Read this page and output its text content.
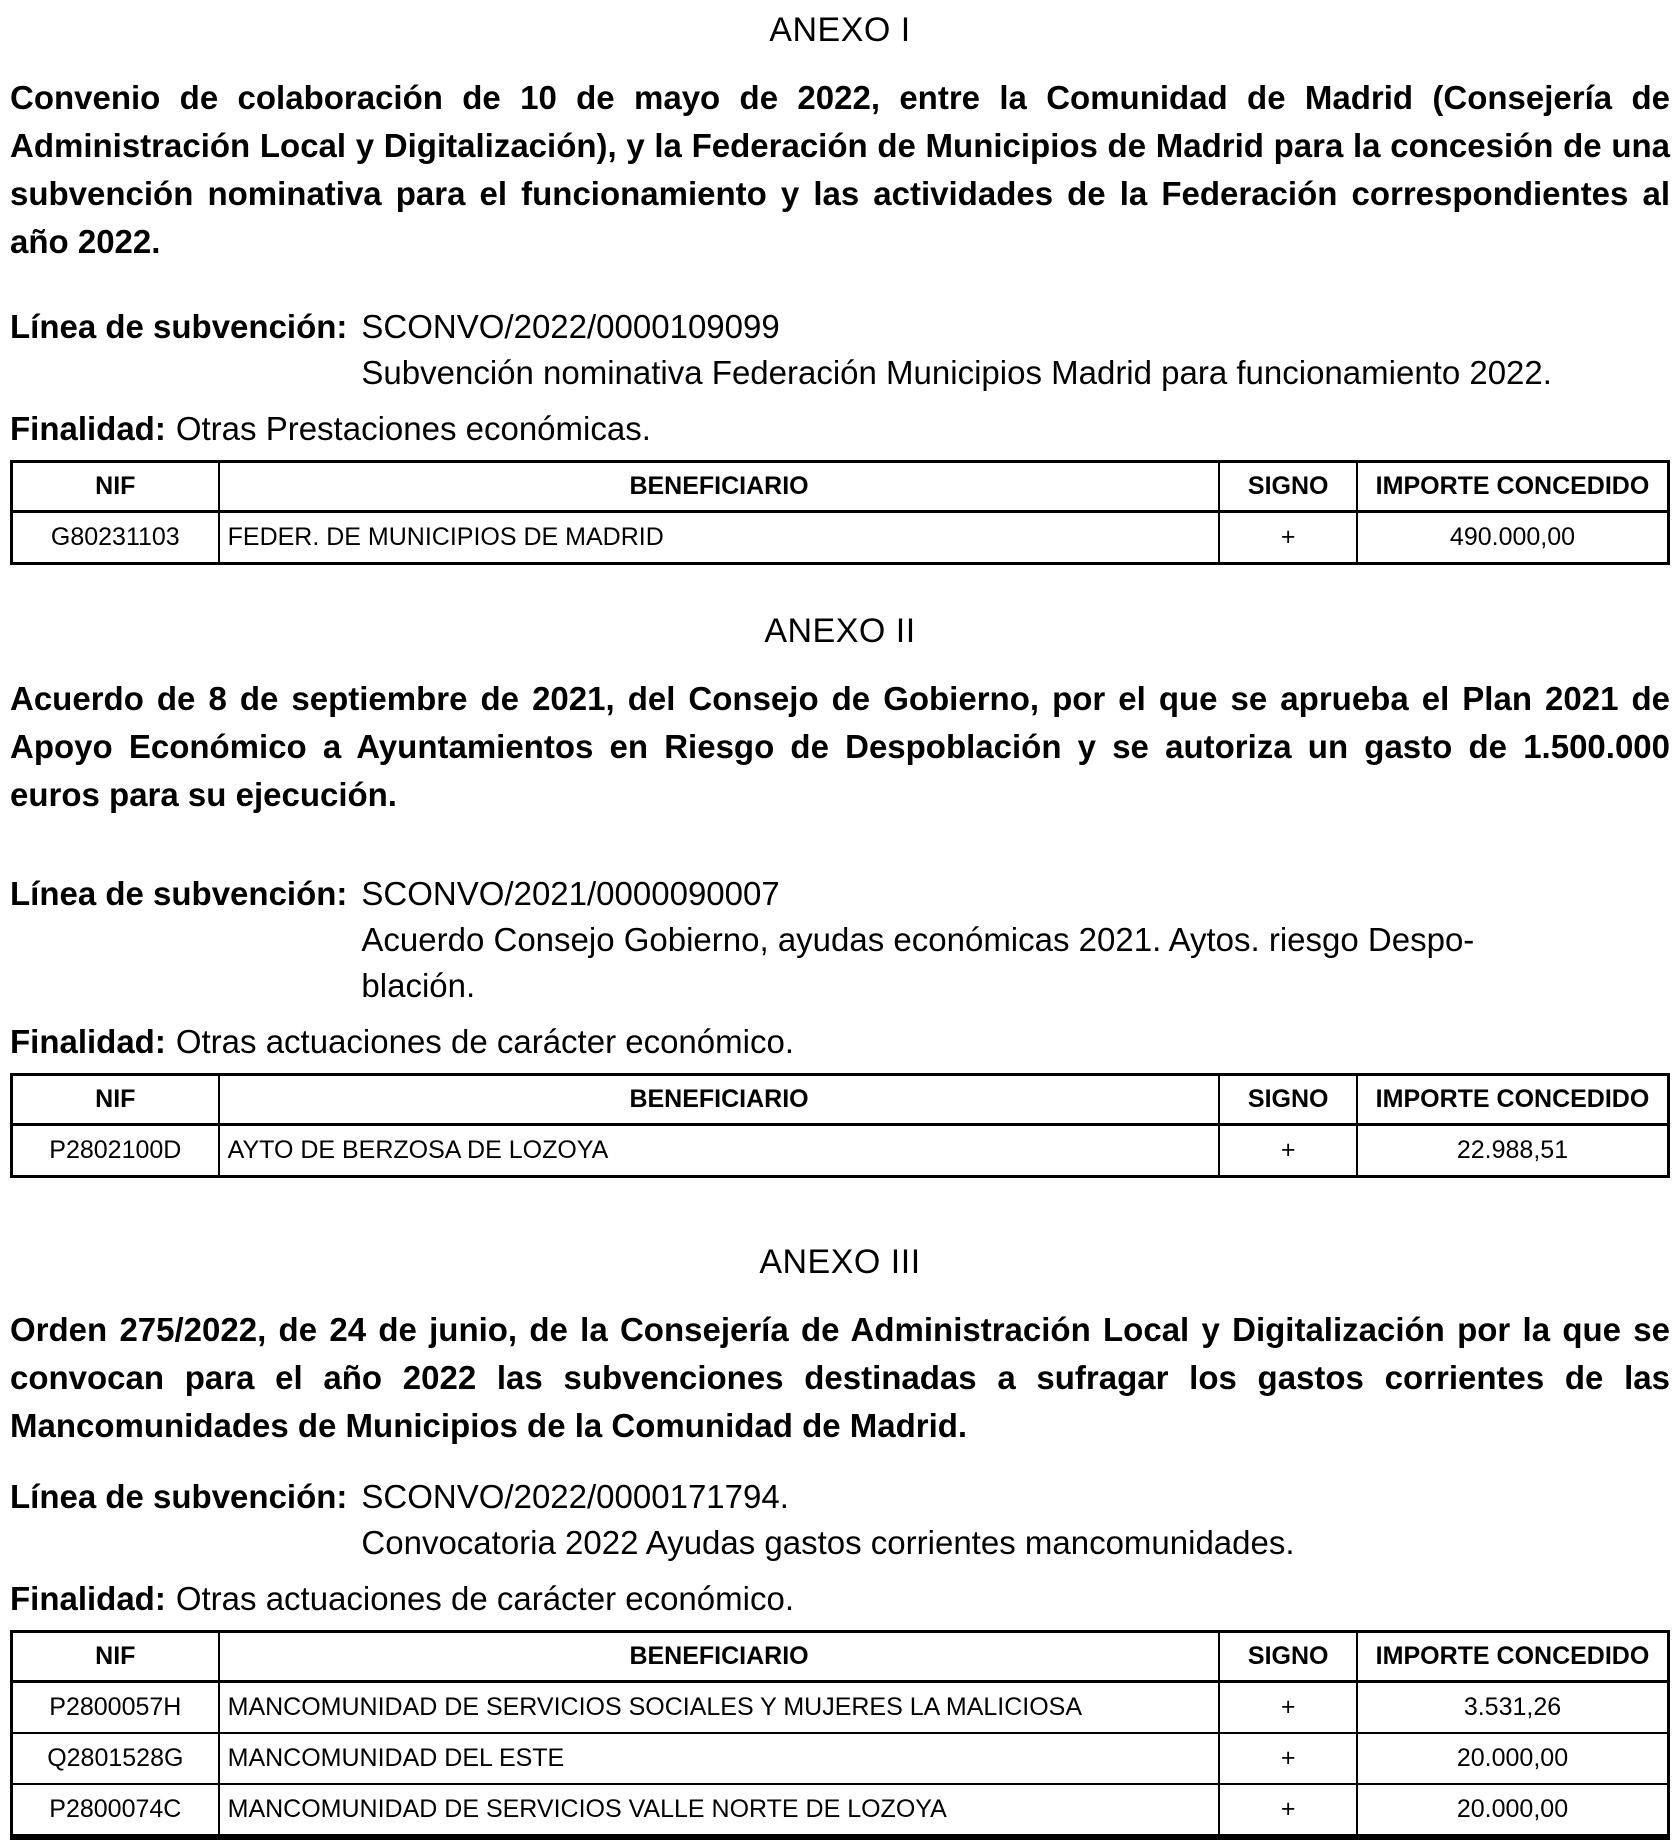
ANEXO I

Convenio de colaboración de 10 de mayo de 2022, entre la Comunidad de Madrid (Consejería de Administración Local y Digitalización), y la Federación de Municipios de Madrid para la concesión de una subvención nominativa para el funcionamiento y las actividades de la Federación correspondientes al año 2022.

Línea de subvención: SCONVO/2022/0000109099
Subvención nominativa Federación Municipios Madrid para funcionamiento 2022.
Finalidad: Otras Prestaciones económicas.
NIF	BENEFICIARIO	SIGNO	IMPORTE CONCEDIDO
G80231103	FEDER. DE MUNICIPIOS DE MADRID	+	490.000,00
ANEXO II

Acuerdo de 8 de septiembre de 2021, del Consejo de Gobierno, por el que se aprueba el Plan 2021 de Apoyo Económico a Ayuntamientos en Riesgo de Despoblación y se autoriza un gasto de 1.500.000 euros para su ejecución.

Línea de subvención: SCONVO/2021/0000090007
Acuerdo Consejo Gobierno, ayudas económicas 2021. Aytos. riesgo Despo-
blación.
Finalidad: Otras actuaciones de carácter económico.
NIF	BENEFICIARIO	SIGNO	IMPORTE CONCEDIDO
P2802100D	AYTO DE BERZOSA DE LOZOYA	+	22.988,51
ANEXO III

Orden 275/2022, de 24 de junio, de la Consejería de Administración Local y Digitalización por la que se convocan para el año 2022 las subvenciones destinadas a sufragar los gastos corrientes de las Mancomunidades de Municipios de la Comunidad de Madrid.

Línea de subvención: SCONVO/2022/0000171794.
Convocatoria 2022 Ayudas gastos corrientes mancomunidades.
Finalidad: Otras actuaciones de carácter económico.
NIF	BENEFICIARIO	SIGNO	IMPORTE CONCEDIDO
P2800057H	MANCOMUNIDAD DE SERVICIOS SOCIALES Y MUJERES LA MALICIOSA	+	3.531,26
Q2801528G	MANCOMUNIDAD DEL ESTE	+	20.000,00
P2800074C	MANCOMUNIDAD DE SERVICIOS VALLE NORTE DE LOZOYA	+	20.000,00
